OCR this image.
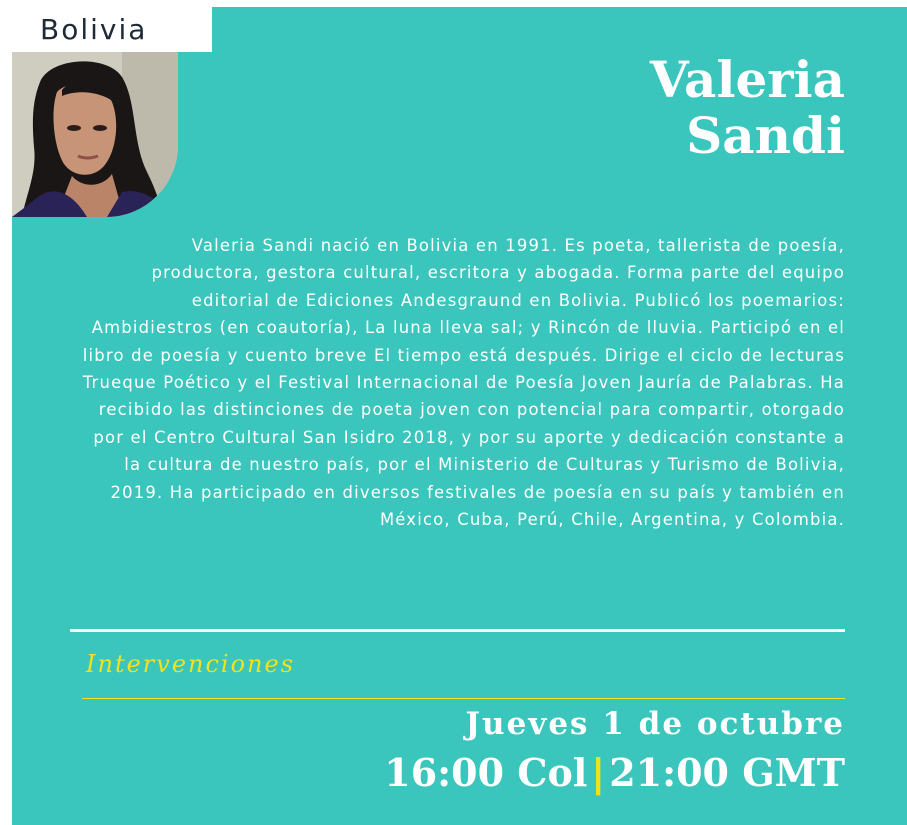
Bolivia
Valeria
Sandi
Valeria Sandi nació en Bolivia en 1991. Es poeta, tallerista de poesía, productora, gestora cultural, escritora y abogada. Forma parte del equipo editorial de Ediciones Andesgraund en Bolivia. Publicó los poemarios: Ambidiestros (en coautoría), La luna lleva sal; y Rincón de lluvia. Participó en el libro de poesía y cuento breve El tiempo está después. Dirige el ciclo de lecturas Trueque Poético y el Festival Internacional de Poesía Joven Jauría de Palabras. Ha recibido las distinciones de poeta joven con potencial para compartir, otorgado por el Centro Cultural San Isidro 2018, y por su aporte y dedicación constante a la cultura de nuestro país, por el Ministerio de Culturas y Turismo de Bolivia, 2019. Ha participado en diversos festivales de poesía en su país y también en México, Cuba, Perú, Chile, Argentina, y Colombia.
Intervenciones
Jueves 1 de octubre
16:00 Col | 21:00 GMT
